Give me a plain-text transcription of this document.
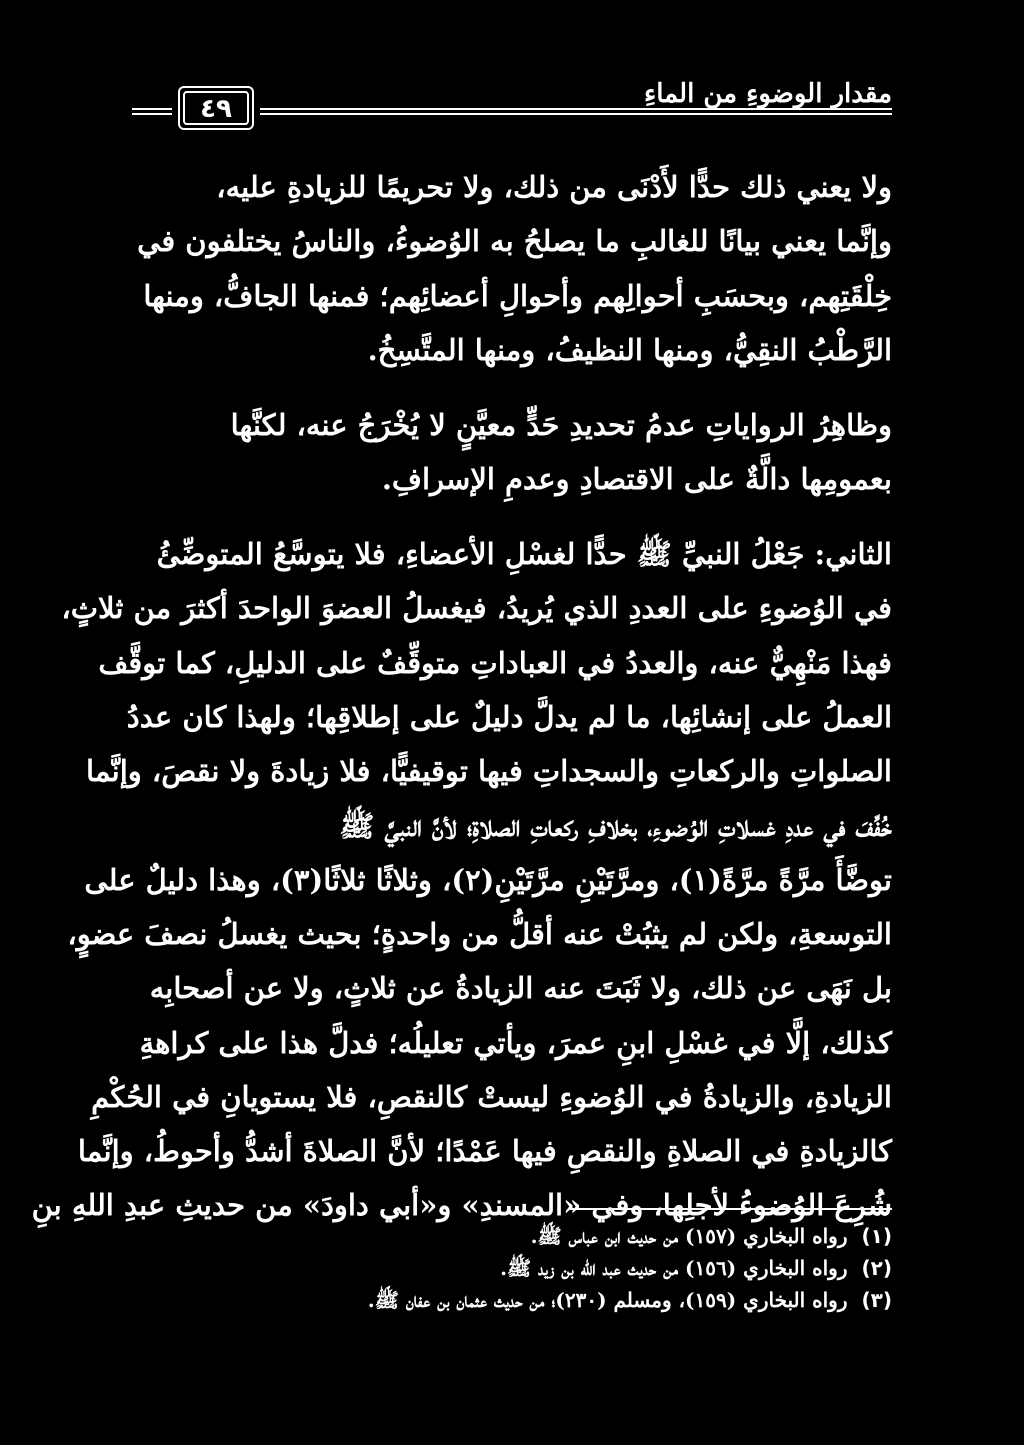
مقدار الوضوءِ من الماءِ
٤٩
ولا يعني ذلك حدًّا لأَدْنَى من ذلك، ولا تحريمًا للزيادةِ عليه،
وإنَّما يعني بيانًا للغالبِ ما يصلحُ به الوُضوءُ، والناسُ يختلفون في
خِلْقَتِهم، وبحسَبِ أحوالِهم وأحوالِ أعضائِهم؛ فمنها الجافُّ، ومنها
الرَّطْبُ النقِيُّ، ومنها النظيفُ، ومنها المتَّسِخُ.
وظاهِرُ الرواياتِ عدمُ تحديدِ حَدٍّ معيَّنٍ لا يُخْرَجُ عنه، لكنَّها
بعمومِها دالَّةٌ على الاقتصادِ وعدمِ الإسرافِ.
الثاني: جَعْلُ النبيِّ ﷺ حدًّا لغسْلِ الأعضاءِ، فلا يتوسَّعُ المتوضِّئُ
في الوُضوءِ على العددِ الذي يُريدُ، فيغسلُ العضوَ الواحدَ أكثرَ من ثلاثٍ،
فهذا مَنْهِيٌّ عنه، والعددُ في العباداتِ متوقِّفٌ على الدليلِ، كما توقَّف
العملُ على إنشائِها، ما لم يدلَّ دليلٌ على إطلاقِها؛ ولهذا كان عددُ
الصلواتِ والركعاتِ والسجداتِ فيها توقيفيًّا، فلا زيادةَ ولا نقصَ، وإنَّما
خُفِّفَ في عددِ غسلاتِ الوُضوءِ، بخلافِ ركعاتِ الصلاةِ؛ لأنَّ النبيَّ ﷺ
توضَّأَ مرَّةً مرَّةً(١)، ومرَّتَيْنِ مرَّتَيْنِ(٢)، وثلاثًا ثلاثًا(٣)، وهذا دليلٌ على
التوسعةِ، ولكن لم يثبُتْ عنه أقلُّ من واحدةٍ؛ بحيث يغسلُ نصفَ عضوٍ،
بل نَهَى عن ذلك، ولا ثَبَتَ عنه الزيادةُ عن ثلاثٍ، ولا عن أصحابِه
كذلك، إلَّا في غسْلِ ابنِ عمرَ، ويأتي تعليلُه؛ فدلَّ هذا على كراهةِ
الزيادةِ، والزيادةُ في الوُضوءِ ليستْ كالنقصِ، فلا يستويانِ في الحُكْمِ
كالزيادةِ في الصلاةِ والنقصِ فيها عَمْدًا؛ لأنَّ الصلاةَ أشدُّ وأحوطُ، وإنَّما
شُرِعَ الوُضوءُ لأجلِها، وفي «المسندِ» و«أبي داودَ» من حديثِ عبدِ اللهِ بنِ
(١)رواه البخاري (١٥٧) من حديث ابن عباس ﷺ.
(٢)رواه البخاري (١٥٦) من حديث عبد الله بن زيد ﷺ.
(٣)رواه البخاري (١٥٩)، ومسلم (٢٣٠)؛ من حديث عثمان بن عفان ﷺ.
